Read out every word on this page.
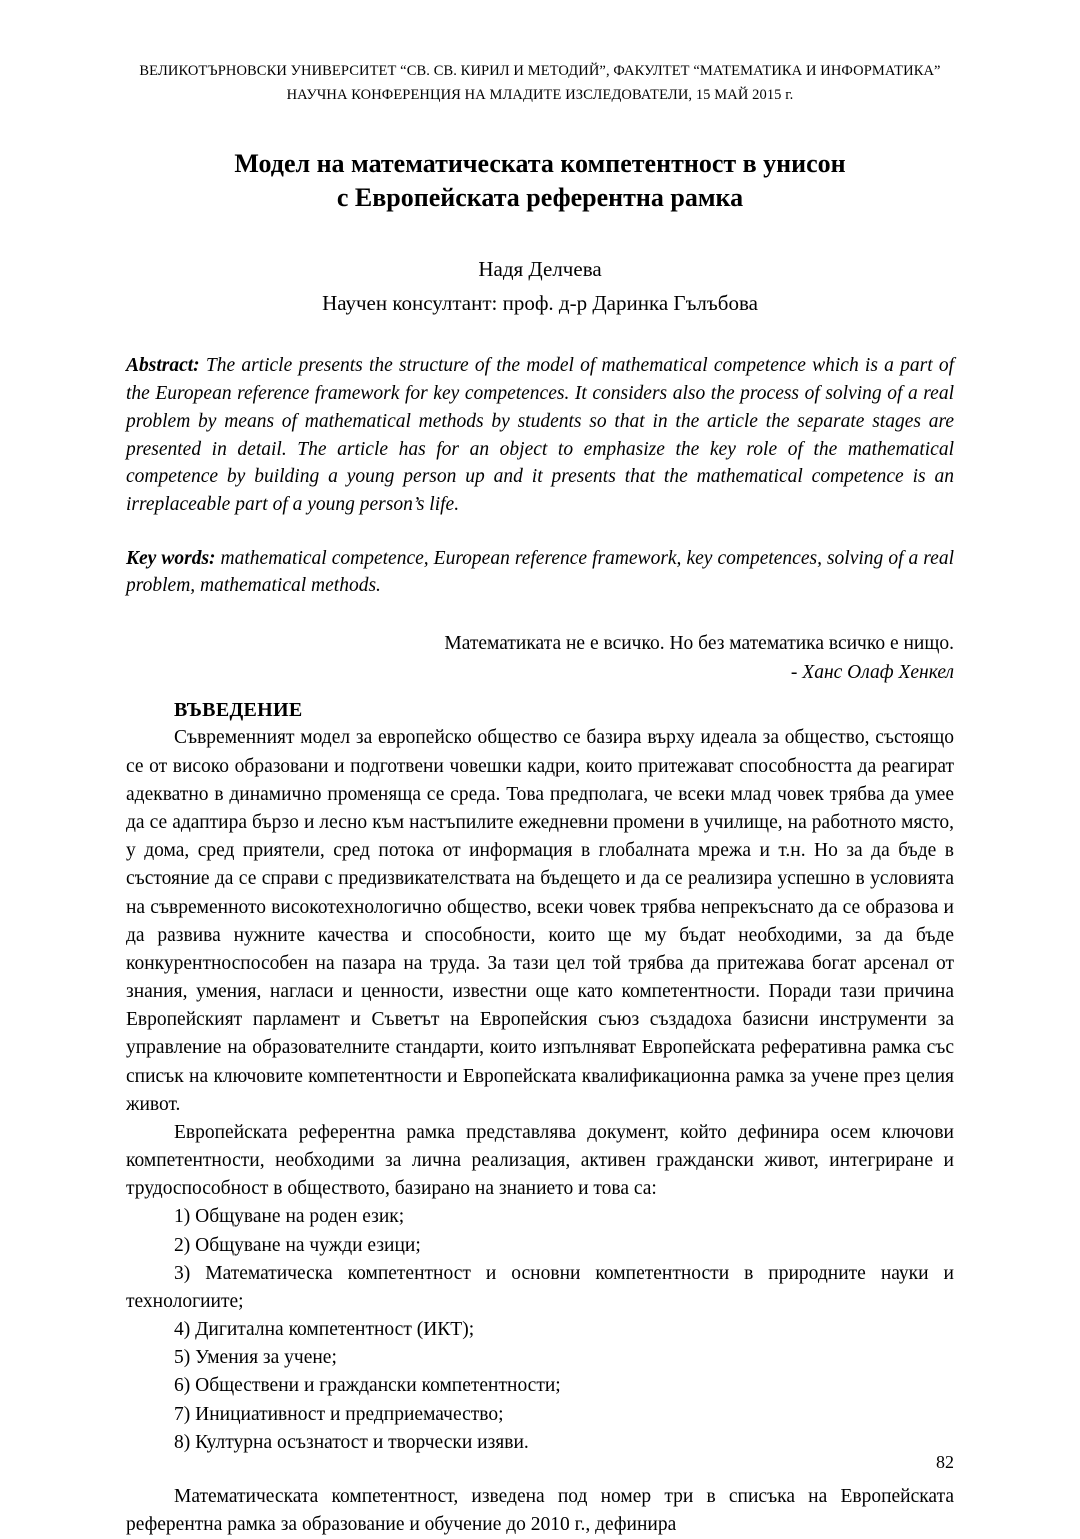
ВЕЛИКОТЪРНОВСКИ УНИВЕРСИТЕТ “СВ. СВ. КИРИЛ И МЕТОДИЙ”, ФАКУЛТЕТ “МАТЕМАТИКА И ИНФОРМАТИКА”
НАУЧНА КОНФЕРЕНЦИЯ НА МЛАДИТЕ ИЗСЛЕДОВАТЕЛИ, 15 МАЙ 2015 г.
Модел на математическата компетентност в унисон
с Европейската референтна рамка
Надя Делчева
Научен консултант: проф. д-р Даринка Гълъбова
Abstract: The article presents the structure of the model of mathematical competence which is a part of the European reference framework for key competences. It considers also the process of solving of a real problem by means of mathematical methods by students so that in the article the separate stages are presented in detail. The article has for an object to emphasize the key role of the mathematical competence by building a young person up and it presents that the mathematical competence is an irreplaceable part of a young person’s life.
Key words: mathematical competence, European reference framework, key competences, solving of a real problem, mathematical methods.
Математиката не е всичко. Но без математика всичко е нищо.
- Ханс Олаф Хенкел
ВЪВЕДЕНИЕ

Съвременният модел за европейско общество се базира върху идеала за общество, състоящо се от високо образовани и подготвени човешки кадри, които притежават способността да реагират адекватно в динамично променяща се среда. Това предполага, че всеки млад човек трябва да умее да се адаптира бързо и лесно към настъпилите ежедневни промени в училище, на работното място, у дома, сред приятели, сред потока от информация в глобалната мрежа и т.н. Но за да бъде в състояние да се справи с предизвикателствата на бъдещето и да се реализира успешно в условията на съвременното високотехнологично общество, всеки човек трябва непрекъснато да се образова и да развива нужните качества и способности, които ще му бъдат необходими, за да бъде конкурентноспособен на пазара на труда. За тази цел той трябва да притежава богат арсенал от знания, умения, нагласи и ценности, известни още като компетентности. Поради тази причина Европейският парламент и Съветът на Европейския съюз създадоха базисни инструменти за управление на образователните стандарти, които изпълняват Европейската реферативна рамка със списък на ключовите компетентности и Европейската квалификационна рамка за учене през целия живот.

Европейската референтна рамка представлява документ, който дефинира осем ключови компетентности, необходими за лична реализация, активен граждански живот, интегриране и трудоспособност в обществото, базирано на знанието и това са:

1) Общуване на роден език;

2) Общуване на чужди езици;

3) Математическа компетентност и основни компетентности в природните науки и технологиите;

4) Дигитална компетентност (ИКТ);

5) Умения за учене;

6) Обществени и граждански компетентности;

7) Инициативност и предприемачество;

8) Културна осъзнатост и творчески изяви.

Математическата компетентност, изведена под номер три в списъка на Европейската референтна рамка за образование и обучение до 2010 г., дефинира

82
